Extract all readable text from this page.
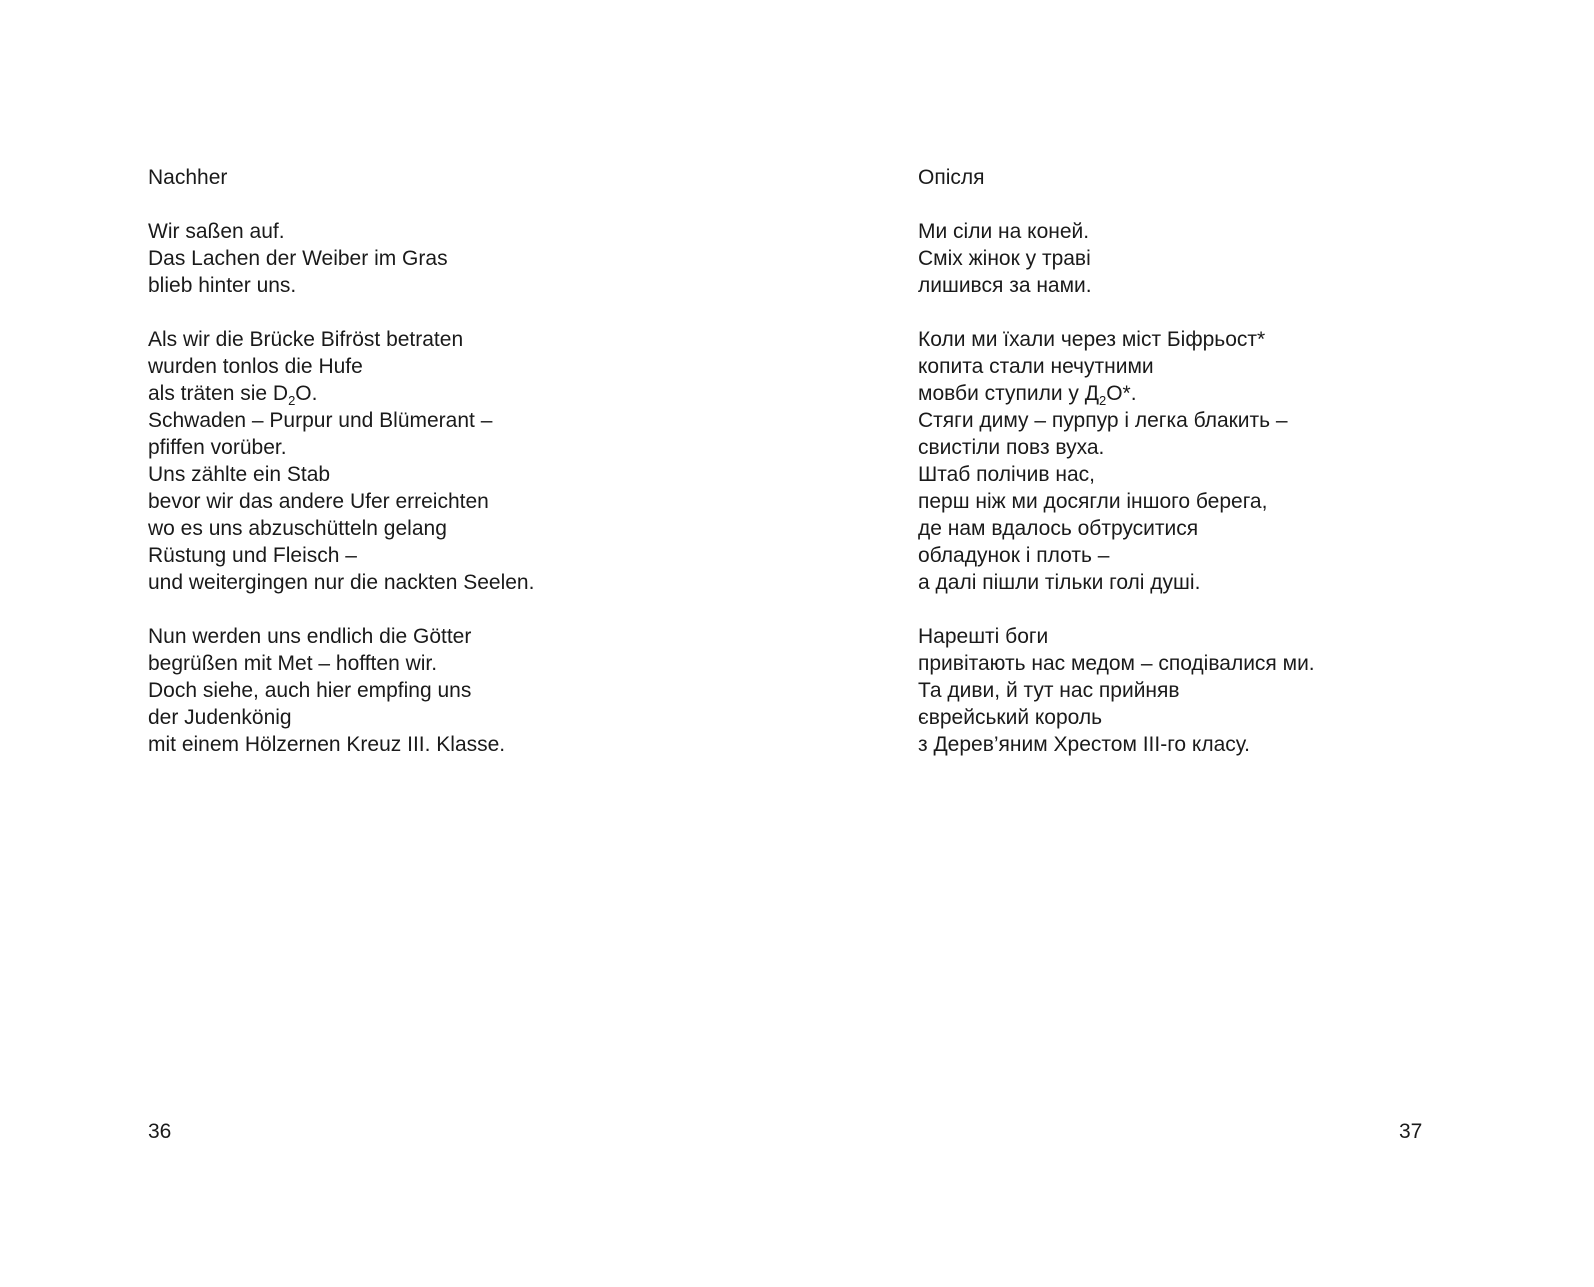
Nachher
Wir saßen auf.
Das Lachen der Weiber im Gras
blieb hinter uns.
Als wir die Brücke Bifröst betraten
wurden tonlos die Hufe
als träten sie $D_2O$.
Schwaden – Purpur und Blümerant –
pfiffen vorüber.
Uns zählte ein Stab
bevor wir das andere Ufer erreichten
wo es uns abzuschütteln gelang
Rüstung und Fleisch –
und weitergingen nur die nackten Seelen.
Nun werden uns endlich die Götter
begrüßen mit Met – hofften wir.
Doch siehe, auch hier empfing uns
der Judenkönig
mit einem Hölzernen Kreuz III. Klasse.
36
Опісля
Ми сіли на коней.
Сміх жінок у траві
лишився за нами.
Коли ми їхали через міст Біфрьост*
копита стали нечутними
мовби ступили у $Д_2О*$.
Стяги диму – пурпур і легка блакить –
свистіли повз вуха.
Штаб полічив нас,
перш ніж ми досягли іншого берега,
де нам вдалось обтруситися
обладунок і плоть –
а далі пішли тільки голі душі.
Нарешті боги
привітають нас медом – сподівалися ми.
Та диви, й тут нас прийняв
єврейський король
з Дерев’яним Хрестом ІІІ-го класу.
37
